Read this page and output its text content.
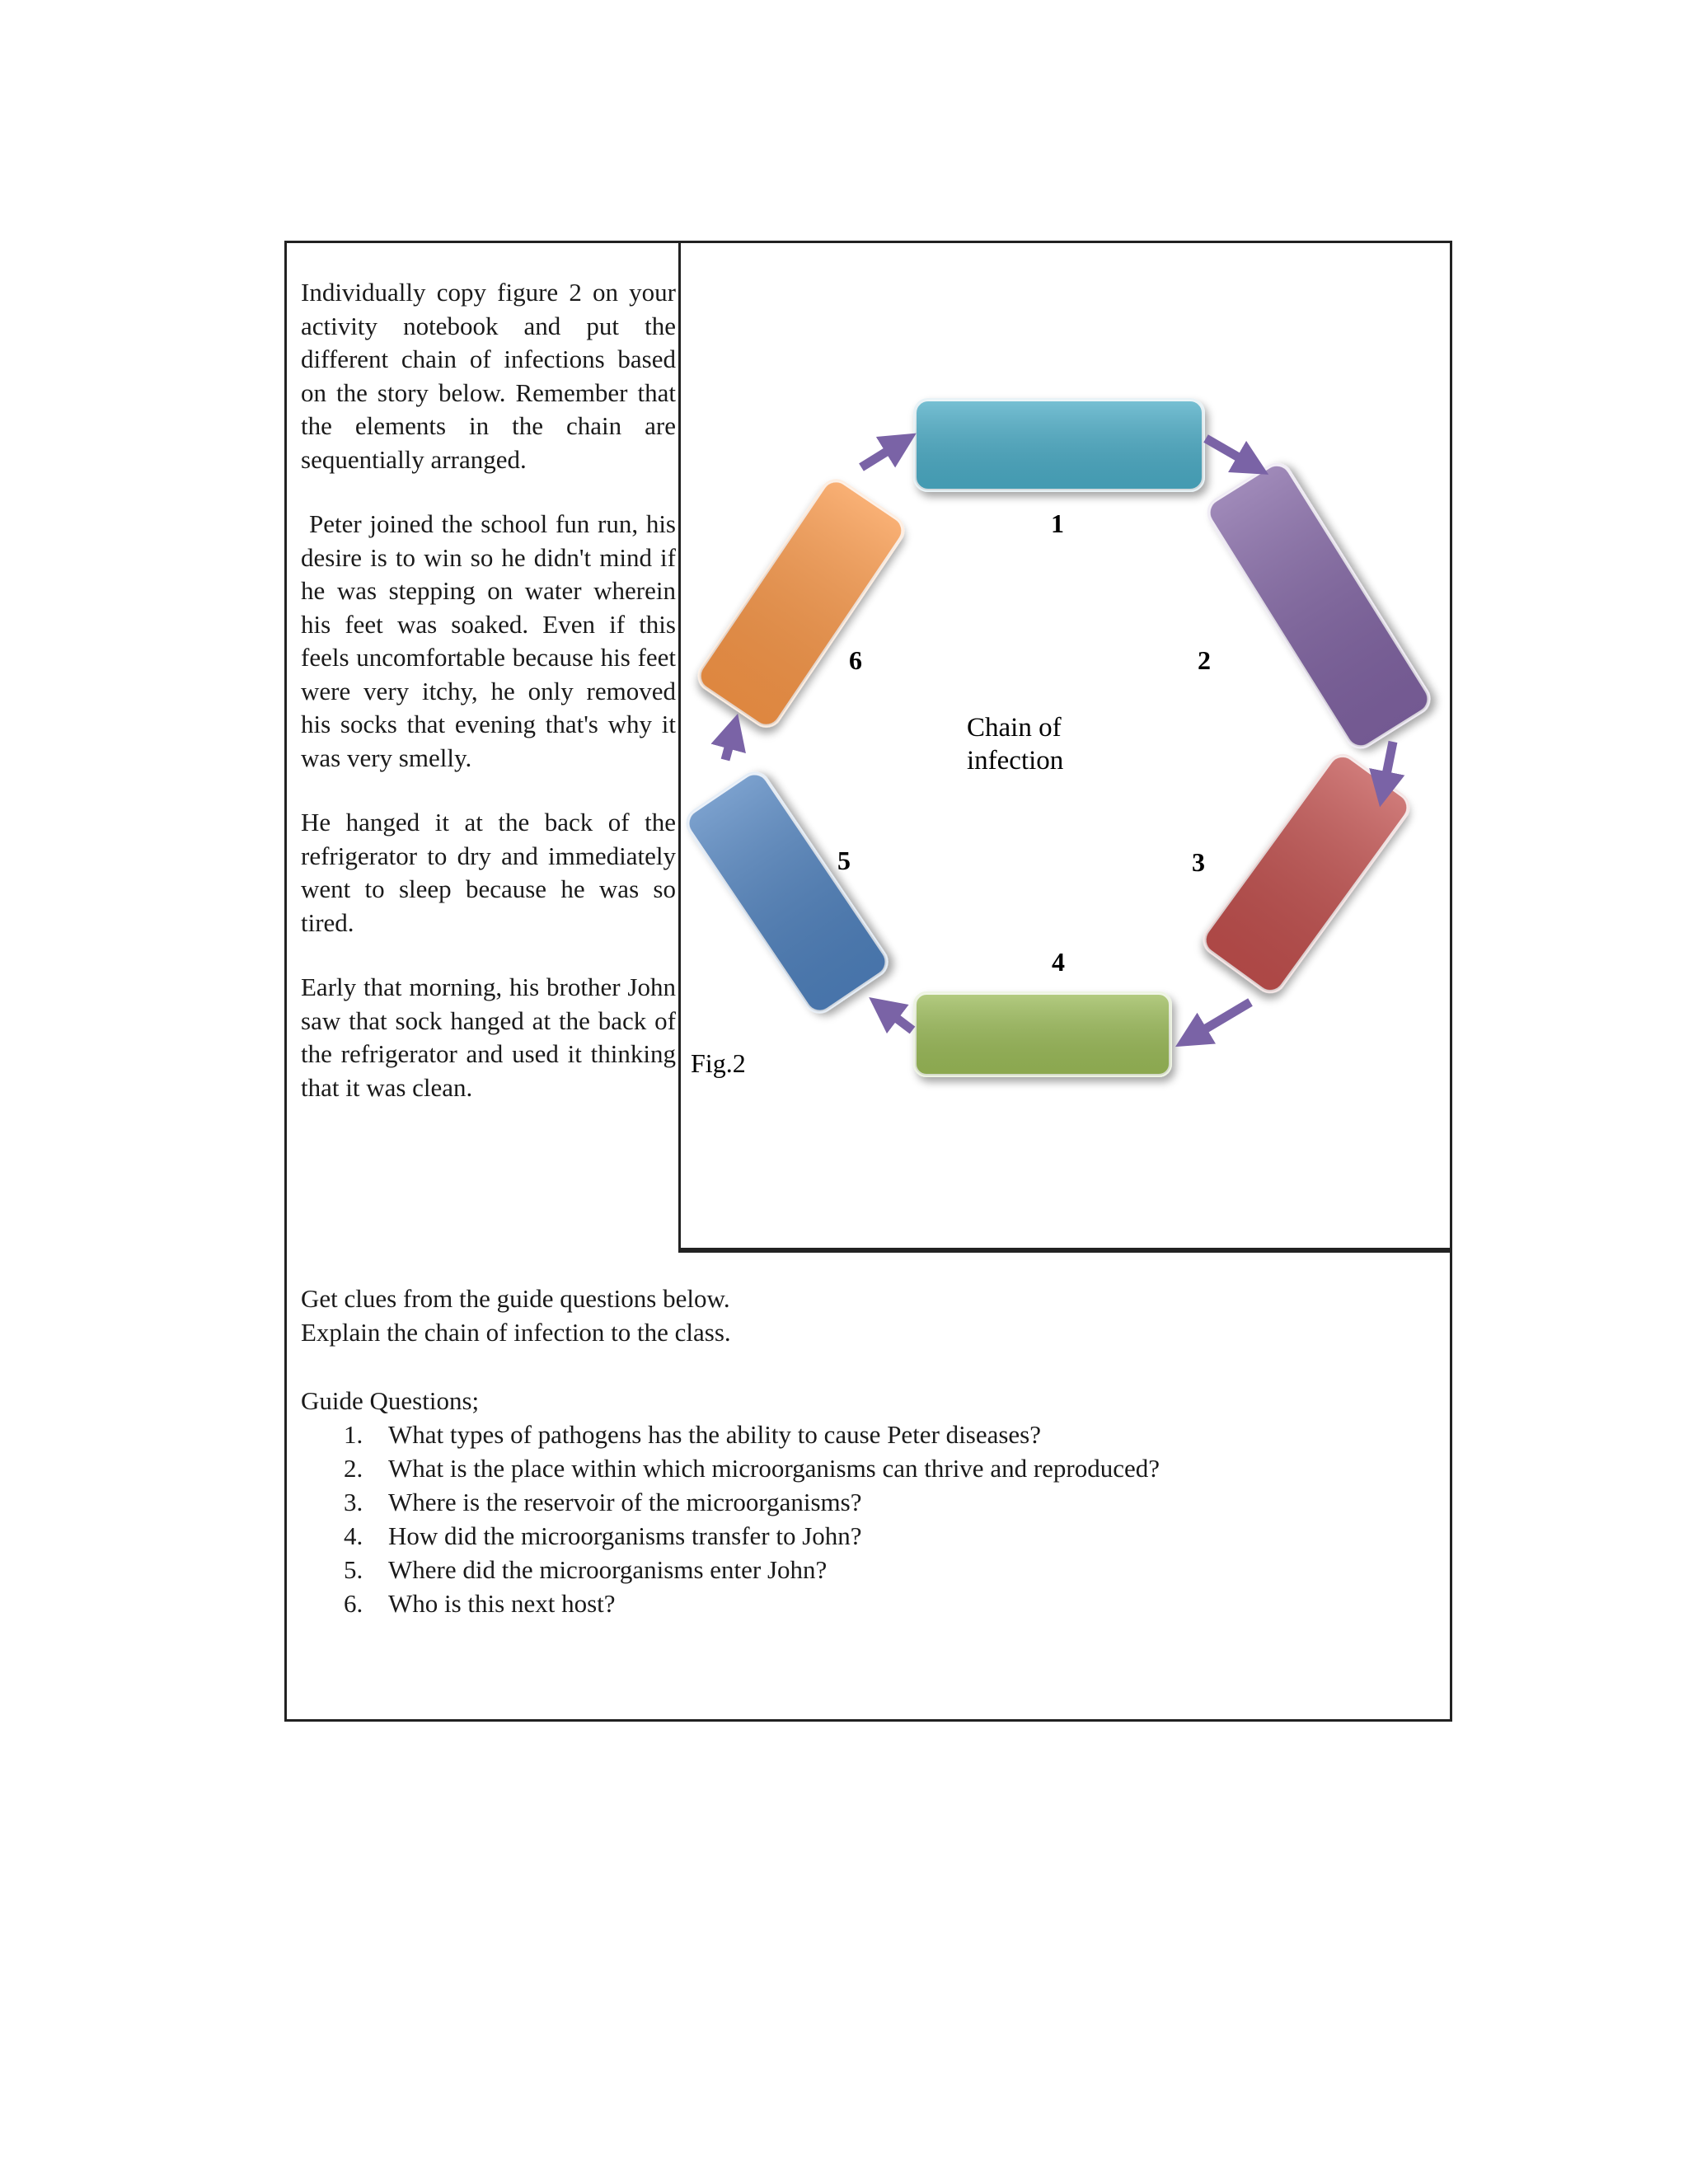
Individually copy figure 2 on your activity notebook and put the different chain of infections based on the story below. Remember that the elements in the chain are sequentially arranged.

Peter joined the school fun run, his desire is to win so he didn't mind if he was stepping on water wherein his feet was soaked. Even if this feels uncomfortable because his feet were very itchy, he only removed his socks that evening that's why it was very smelly.

He hanged it at the back of the refrigerator to dry and immediately went to sleep because he was so tired.

Early that morning, his brother John saw that sock hanged at the back of the refrigerator and used it thinking that it was clean.

1
2
3
4
5
6
Chain of
infection
Fig.2
Get clues from the guide questions below.
Explain the chain of infection to the class.
Guide Questions;
1. What types of pathogens has the ability to cause Peter diseases?
2. What is the place within which microorganisms can thrive and reproduced?
3. Where is the reservoir of the microorganisms?
4. How did the microorganisms transfer to John?
5. Where did the microorganisms enter John?
6. Who is this next host?
